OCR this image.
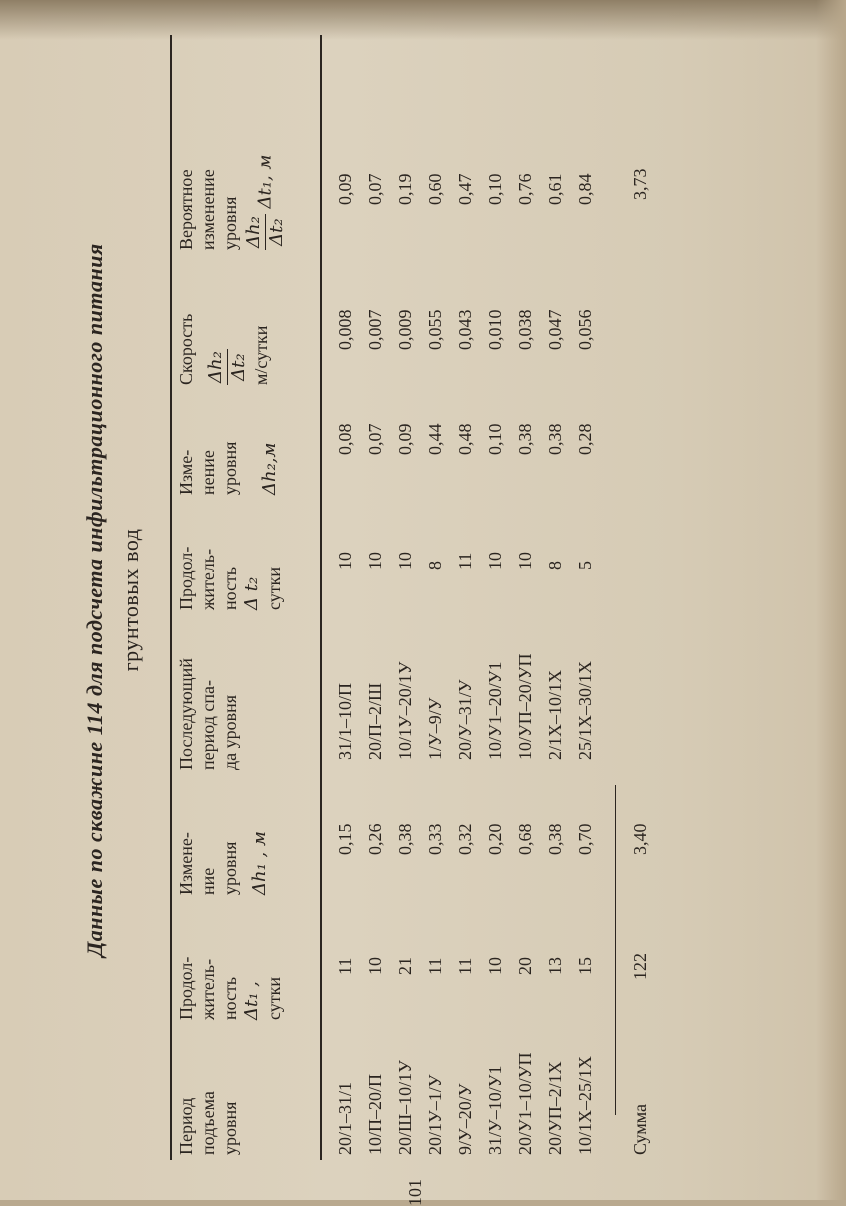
Данные по скважине 114 для подсчета инфильтрационного питания грунтовых вод
Период подъема уровня
Продол- житель- ность Δt₁ , сутки
Измене- ние уровня Δh₁ , м
Последующий период спа- да уровня
Продол- житель- ность Δ t₂ сутки
Изме- нение уровня Δh₂,м
Скорость Δh₂ Δt₂ м/сутки
Вероятное изменение уровня Δh₂ Δt₂
Δt₁, м
20/1–31/1
11
0,15
31/1–10/П
10
0,08
0,008
0,09
10/П–20/П
10
0,26
20/П–2/Ш
10
0,07
0,007
0,07
20/Ш–10/1У
21
0,38
10/1У–20/1У
10
0,09
0,009
0,19
20/1У–1/У
11
0,33
1/У–9/У
8
0,44
0,055
0,60
9/У–20/У
11
0,32
20/У–31/У
11
0,48
0,043
0,47
31/У–10/У1
10
0,20
10/У1–20/У1
10
0,10
0,010
0,10
20/У1–10/УП
20
0,68
10/УП–20/УП
10
0,38
0,038
0,76
20/УП–2/1Х
13
0,38
2/1Х–10/1Х
8
0,38
0,047
0,61
10/1Х–25/1Х
15
0,70
25/1Х–30/1Х
5
0,28
0,056
0,84
Сумма
122
3,40
3,73
101
